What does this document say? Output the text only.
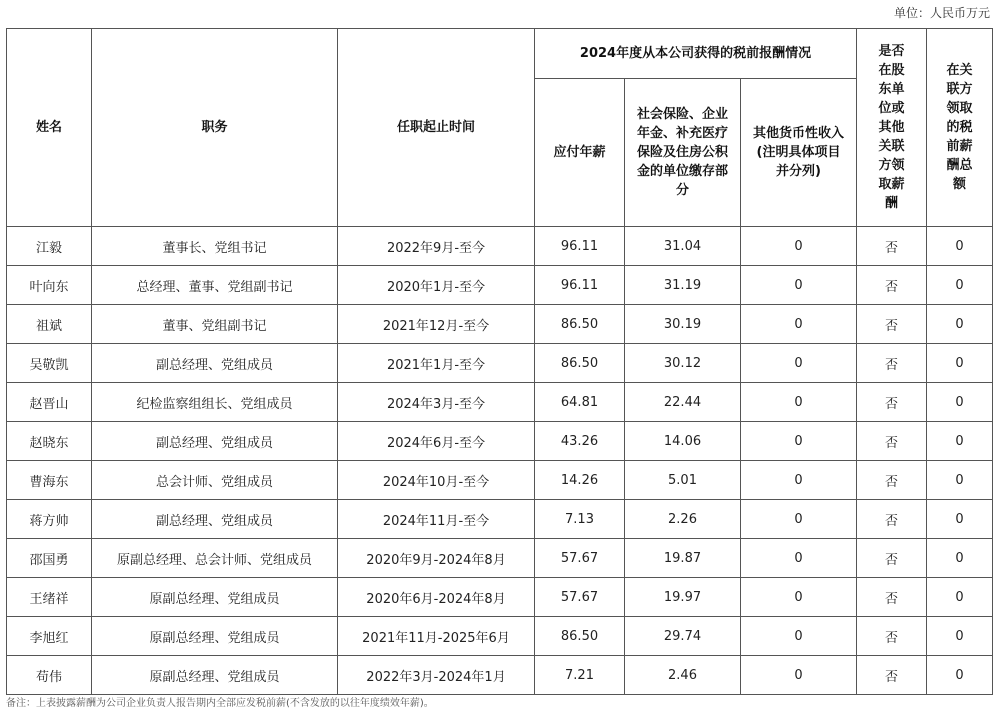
单位：人民币万元
姓名	职务	任职起止时间	2024年度从本公司获得的税前报酬情况			是否在股东单位或其他关联方领取薪酬	在关联方领取的税前薪酬总额
			应付年薪	社会保险、企业年金、补充医疗保险及住房公积金的单位缴存部分	其他货币性收入(注明具体项目并分列)		
江毅	董事长、党组书记	2022年9月-至今	96.11	31.04	0	否	0
叶向东	总经理、董事、党组副书记	2020年1月-至今	96.11	31.19	0	否	0
祖斌	董事、党组副书记	2021年12月-至今	86.50	30.19	0	否	0
吴敬凯	副总经理、党组成员	2021年1月-至今	86.50	30.12	0	否	0
赵晋山	纪检监察组组长、党组成员	2024年3月-至今	64.81	22.44	0	否	0
赵晓东	副总经理、党组成员	2024年6月-至今	43.26	14.06	0	否	0
曹海东	总会计师、党组成员	2024年10月-至今	14.26	5.01	0	否	0
蒋方帅	副总经理、党组成员	2024年11月-至今	7.13	2.26	0	否	0
邵国勇	原副总经理、总会计师、党组成员	2020年9月-2024年8月	57.67	19.87	0	否	0
王绪祥	原副总经理、党组成员	2020年6月-2024年8月	57.67	19.97	0	否	0
李旭红	原副总经理、党组成员	2021年11月-2025年6月	86.50	29.74	0	否	0
苟伟	原副总经理、党组成员	2022年3月-2024年1月	7.21	2.46	0	否	0
备注：上表披露薪酬为公司企业负责人报告期内全部应发税前薪(不含发放的以往年度绩效年薪)。
